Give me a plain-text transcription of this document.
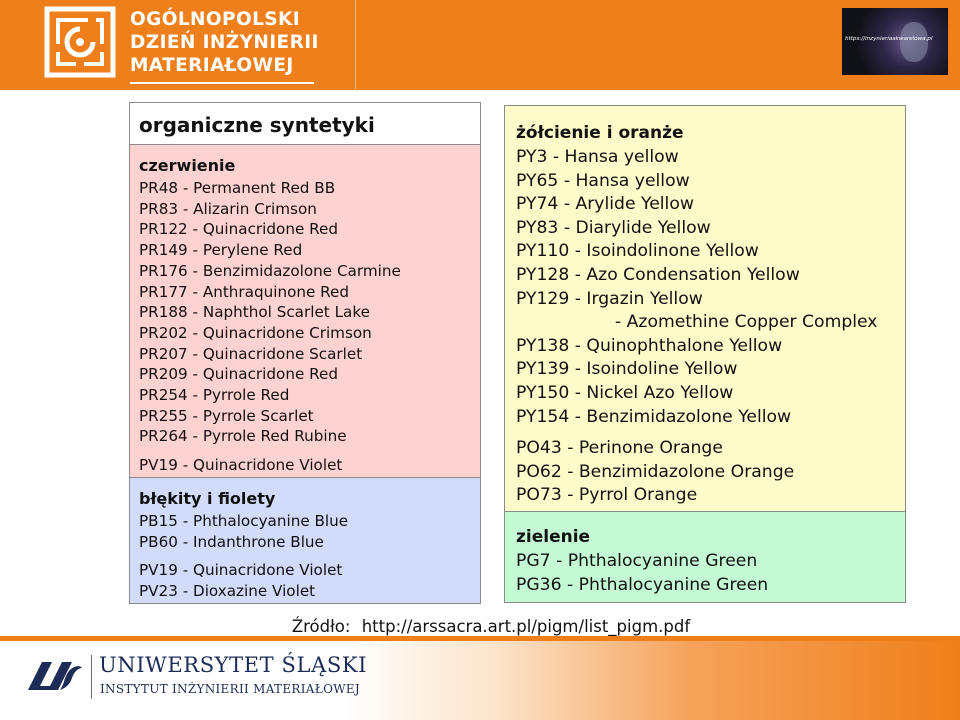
OGÓLNOPOLSKI
DZIEŃ INŻYNIERII
MATERIAŁOWEJ
https://inzynieriaakwarelowa.pl
organiczne syntetyki
czerwienie
PR48 - Permanent Red BB
PR83 - Alizarin Crimson
PR122 - Quinacridone Red
PR149 - Perylene Red
PR176 - Benzimidazolone Carmine
PR177 - Anthraquinone Red
PR188 - Naphthol Scarlet Lake
PR202 - Quinacridone Crimson
PR207 - Quinacridone Scarlet
PR209 - Quinacridone Red
PR254 - Pyrrole Red
PR255 - Pyrrole Scarlet
PR264 - Pyrrole Red Rubine
PV19 - Quinacridone Violet
błękity i fiolety
PB15 - Phthalocyanine Blue
PB60 - Indanthrone Blue
PV19 - Quinacridone Violet
PV23 - Dioxazine Violet
żółcienie i oranże
PY3 - Hansa yellow
PY65 - Hansa yellow
PY74 - Arylide Yellow
PY83 - Diarylide Yellow
PY110 - Isoindolinone Yellow
PY128 - Azo Condensation Yellow
PY129 - Irgazin Yellow
- Azomethine Copper Complex
PY138 - Quinophthalone Yellow
PY139 - Isoindoline Yellow
PY150 - Nickel Azo Yellow
PY154 - Benzimidazolone Yellow
PO43 - Perinone Orange
PO62 - Benzimidazolone Orange
PO73 - Pyrrol Orange
zielenie
PG7 - Phthalocyanine Green
PG36 - Phthalocyanine Green
Źródło: http://arssacra.art.pl/pigm/list_pigm.pdf
UNIWERSYTET ŚLĄSKI
INSTYTUT INŻYNIERII MATERIAŁOWEJ
